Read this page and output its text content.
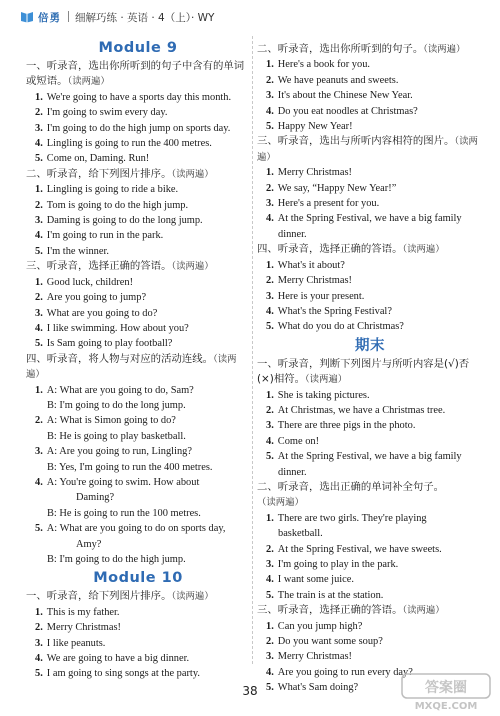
倍勇 细解巧练 · 英语 · 4（上）· WY
Module 9
一、听录音，选出你所听到的句子中含有的单词或短语。（读两遍）
1. We're going to have a sports day this month.
2. I'm going to swim every day.
3. I'm going to do the high jump on sports day.
4. Lingling is going to run the 400 metres.
5. Come on, Daming. Run!
二、听录音，给下列图片排序。（读两遍）
1. Lingling is going to ride a bike.
2. Tom is going to do the high jump.
3. Daming is going to do the long jump.
4. I'm going to run in the park.
5. I'm the winner.
三、听录音，选择正确的答语。（读两遍）
1. Good luck, children!
2. Are you going to jump?
3. What are you going to do?
4. I like swimming. How about you?
5. Is Sam going to play football?
四、听录音，将人物与对应的活动连线。（读两遍）
1. A: What are you going to do, Sam?
B: I'm going to do the long jump.
2. A: What is Simon going to do?
B: He is going to play basketball.
3. A: Are you going to run, Lingling?
B: Yes, I'm going to run the 400 metres.
4. A: You're going to swim. How about
Daming?
B: He is going to run the 100 metres.
5. A: What are you going to do on sports day,
Amy?
B: I'm going to do the high jump.
Module 10
一、听录音，给下列图片排序。（读两遍）
1. This is my father.
2. Merry Christmas!
3. I like peanuts.
4. We are going to have a big dinner.
5. I am going to sing songs at the party.
二、听录音，选出你所听到的句子。（读两遍）
1. Here's a book for you.
2. We have peanuts and sweets.
3. It's about the Chinese New Year.
4. Do you eat noodles at Christmas?
5. Happy New Year!
三、听录音，选出与所听内容相符的图片。（读两遍）
1. Merry Christmas!
2. We say, “Happy New Year!”
3. Here's a present for you.
4. At the Spring Festival, we have a big family
dinner.
四、听录音，选择正确的答语。（读两遍）
1. What's it about?
2. Merry Christmas!
3. Here is your present.
4. What's the Spring Festival?
5. What do you do at Christmas?
期末
一、听录音，判断下列图片与所听内容是(√)否(×)相符。（读两遍）
1. She is taking pictures.
2. At Christmas, we have a Christmas tree.
3. There are three pigs in the photo.
4. Come on!
5. At the Spring Festival, we have a big family
dinner.
二、听录音，选出正确的单词补全句子。（读两遍）
1. There are two girls. They're playing
basketball.
2. At the Spring Festival, we have sweets.
3. I'm going to play in the park.
4. I want some juice.
5. The train is at the station.
三、听录音，选择正确的答语。（读两遍）
1. Can you jump high?
2. Do you want some soup?
3. Merry Christmas!
4. Are you going to run every day?
5. What's Sam doing?
38	答案圈
MXQE.COM
